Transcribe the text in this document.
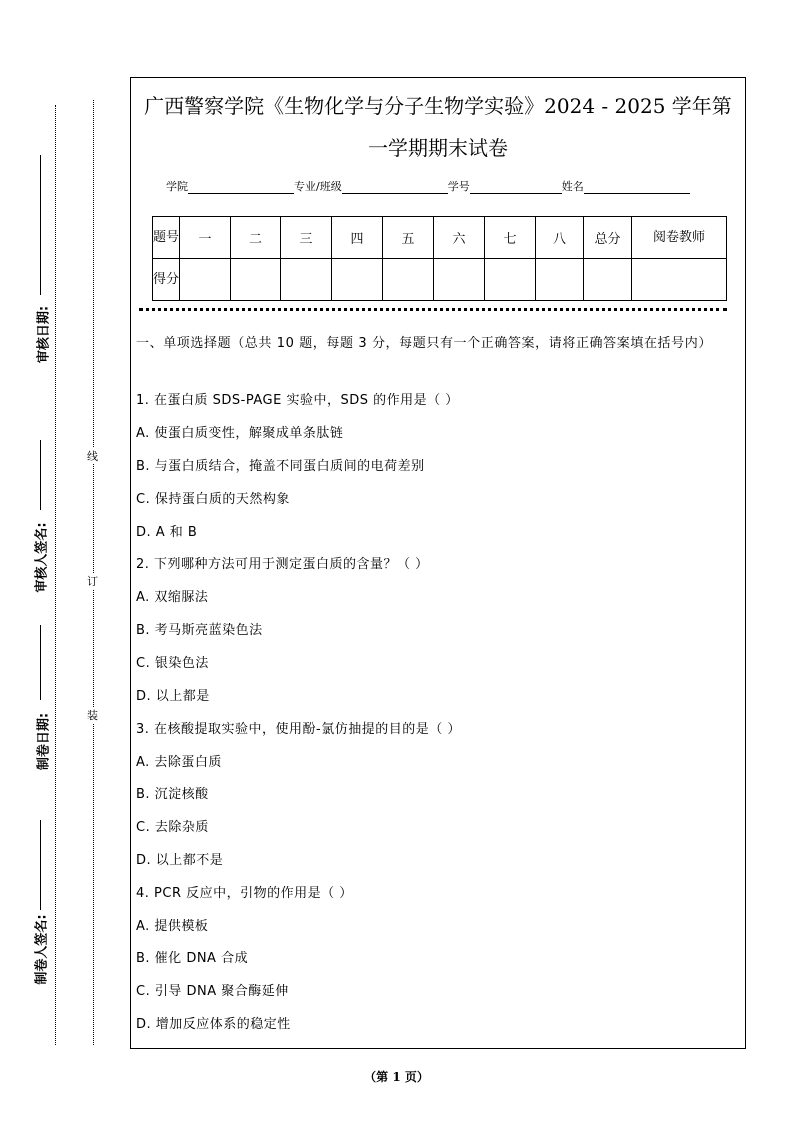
审核日期:
审核人签名:
制卷日期:
制卷人签名:
线
订
装
广西警察学院《生物化学与分子生物学实验》2024 - 2025 学年第
一学期期末试卷
学院	专业/班级	学号	姓名
题号	一	二	三	四	五	六	七	八	总分	阅卷教师
得分										
一、单项选择题（总共 10 题，每题 3 分，每题只有一个正确答案，请将正确答案填在括号内）
1. 在蛋白质 SDS-PAGE 实验中，SDS 的作用是（ ）
A. 使蛋白质变性，解聚成单条肽链
B. 与蛋白质结合，掩盖不同蛋白质间的电荷差别
C. 保持蛋白质的天然构象
D. A 和 B
2. 下列哪种方法可用于测定蛋白质的含量？（ ）
A. 双缩脲法
B. 考马斯亮蓝染色法
C. 银染色法
D. 以上都是
3. 在核酸提取实验中，使用酚-氯仿抽提的目的是（ ）
A. 去除蛋白质
B. 沉淀核酸
C. 去除杂质
D. 以上都不是
4. PCR 反应中，引物的作用是（ ）
A. 提供模板
B. 催化 DNA 合成
C. 引导 DNA 聚合酶延伸
D. 增加反应体系的稳定性
（第 1 页）
